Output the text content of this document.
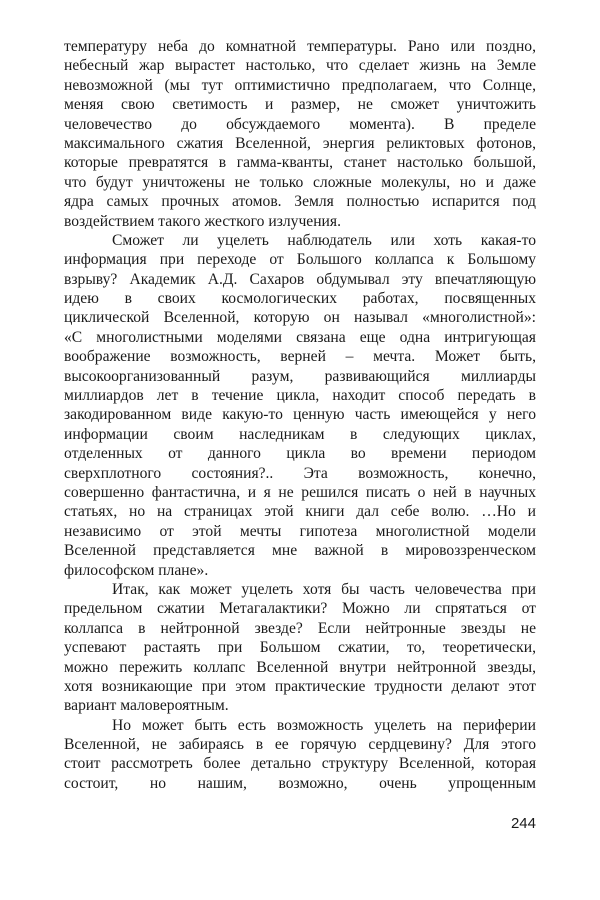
температуру неба до комнатной температуры. Рано или поздно,
небесный жар вырастет настолько, что сделает жизнь на Земле
невозможной (мы тут оптимистично предполагаем, что Солнце,
меняя свою светимость и размер, не сможет уничтожить
человечество до обсуждаемого момента). В пределе
максимального сжатия Вселенной, энергия реликтовых фотонов,
которые превратятся в гамма-кванты, станет настолько большой,
что будут уничтожены не только сложные молекулы, но и даже
ядра самых прочных атомов. Земля полностью испарится под
воздействием такого жесткого излучения.
Сможет ли уцелеть наблюдатель или хоть какая-то
информация при переходе от Большого коллапса к Большому
взрыву? Академик А.Д. Сахаров обдумывал эту впечатляющую
идею в своих космологических работах, посвященных
циклической Вселенной, которую он называл «многолистной»:
«С многолистными моделями связана еще одна интригующая
воображение возможность, верней – мечта. Может быть,
высокоорганизованный разум, развивающийся миллиарды
миллиардов лет в течение цикла, находит способ передать в
закодированном виде какую-то ценную часть имеющейся у него
информации своим наследникам в следующих циклах,
отделенных от данного цикла во времени периодом
сверхплотного состояния?.. Эта возможность, конечно,
совершенно фантастична, и я не решился писать о ней в научных
статьях, но на страницах этой книги дал себе волю. …Но и
независимо от этой мечты гипотеза многолистной модели
Вселенной представляется мне важной в мировоззренческом
философском плане».
Итак, как может уцелеть хотя бы часть человечества при
предельном сжатии Метагалактики? Можно ли спрятаться от
коллапса в нейтронной звезде? Если нейтронные звезды не
успевают растаять при Большом сжатии, то, теоретически,
можно пережить коллапс Вселенной внутри нейтронной звезды,
хотя возникающие при этом практические трудности делают этот
вариант маловероятным.
Но может быть есть возможность уцелеть на периферии
Вселенной, не забираясь в ее горячую сердцевину? Для этого
стоит рассмотреть более детально структуру Вселенной, которая
состоит, но нашим, возможно, очень упрощенным
244
